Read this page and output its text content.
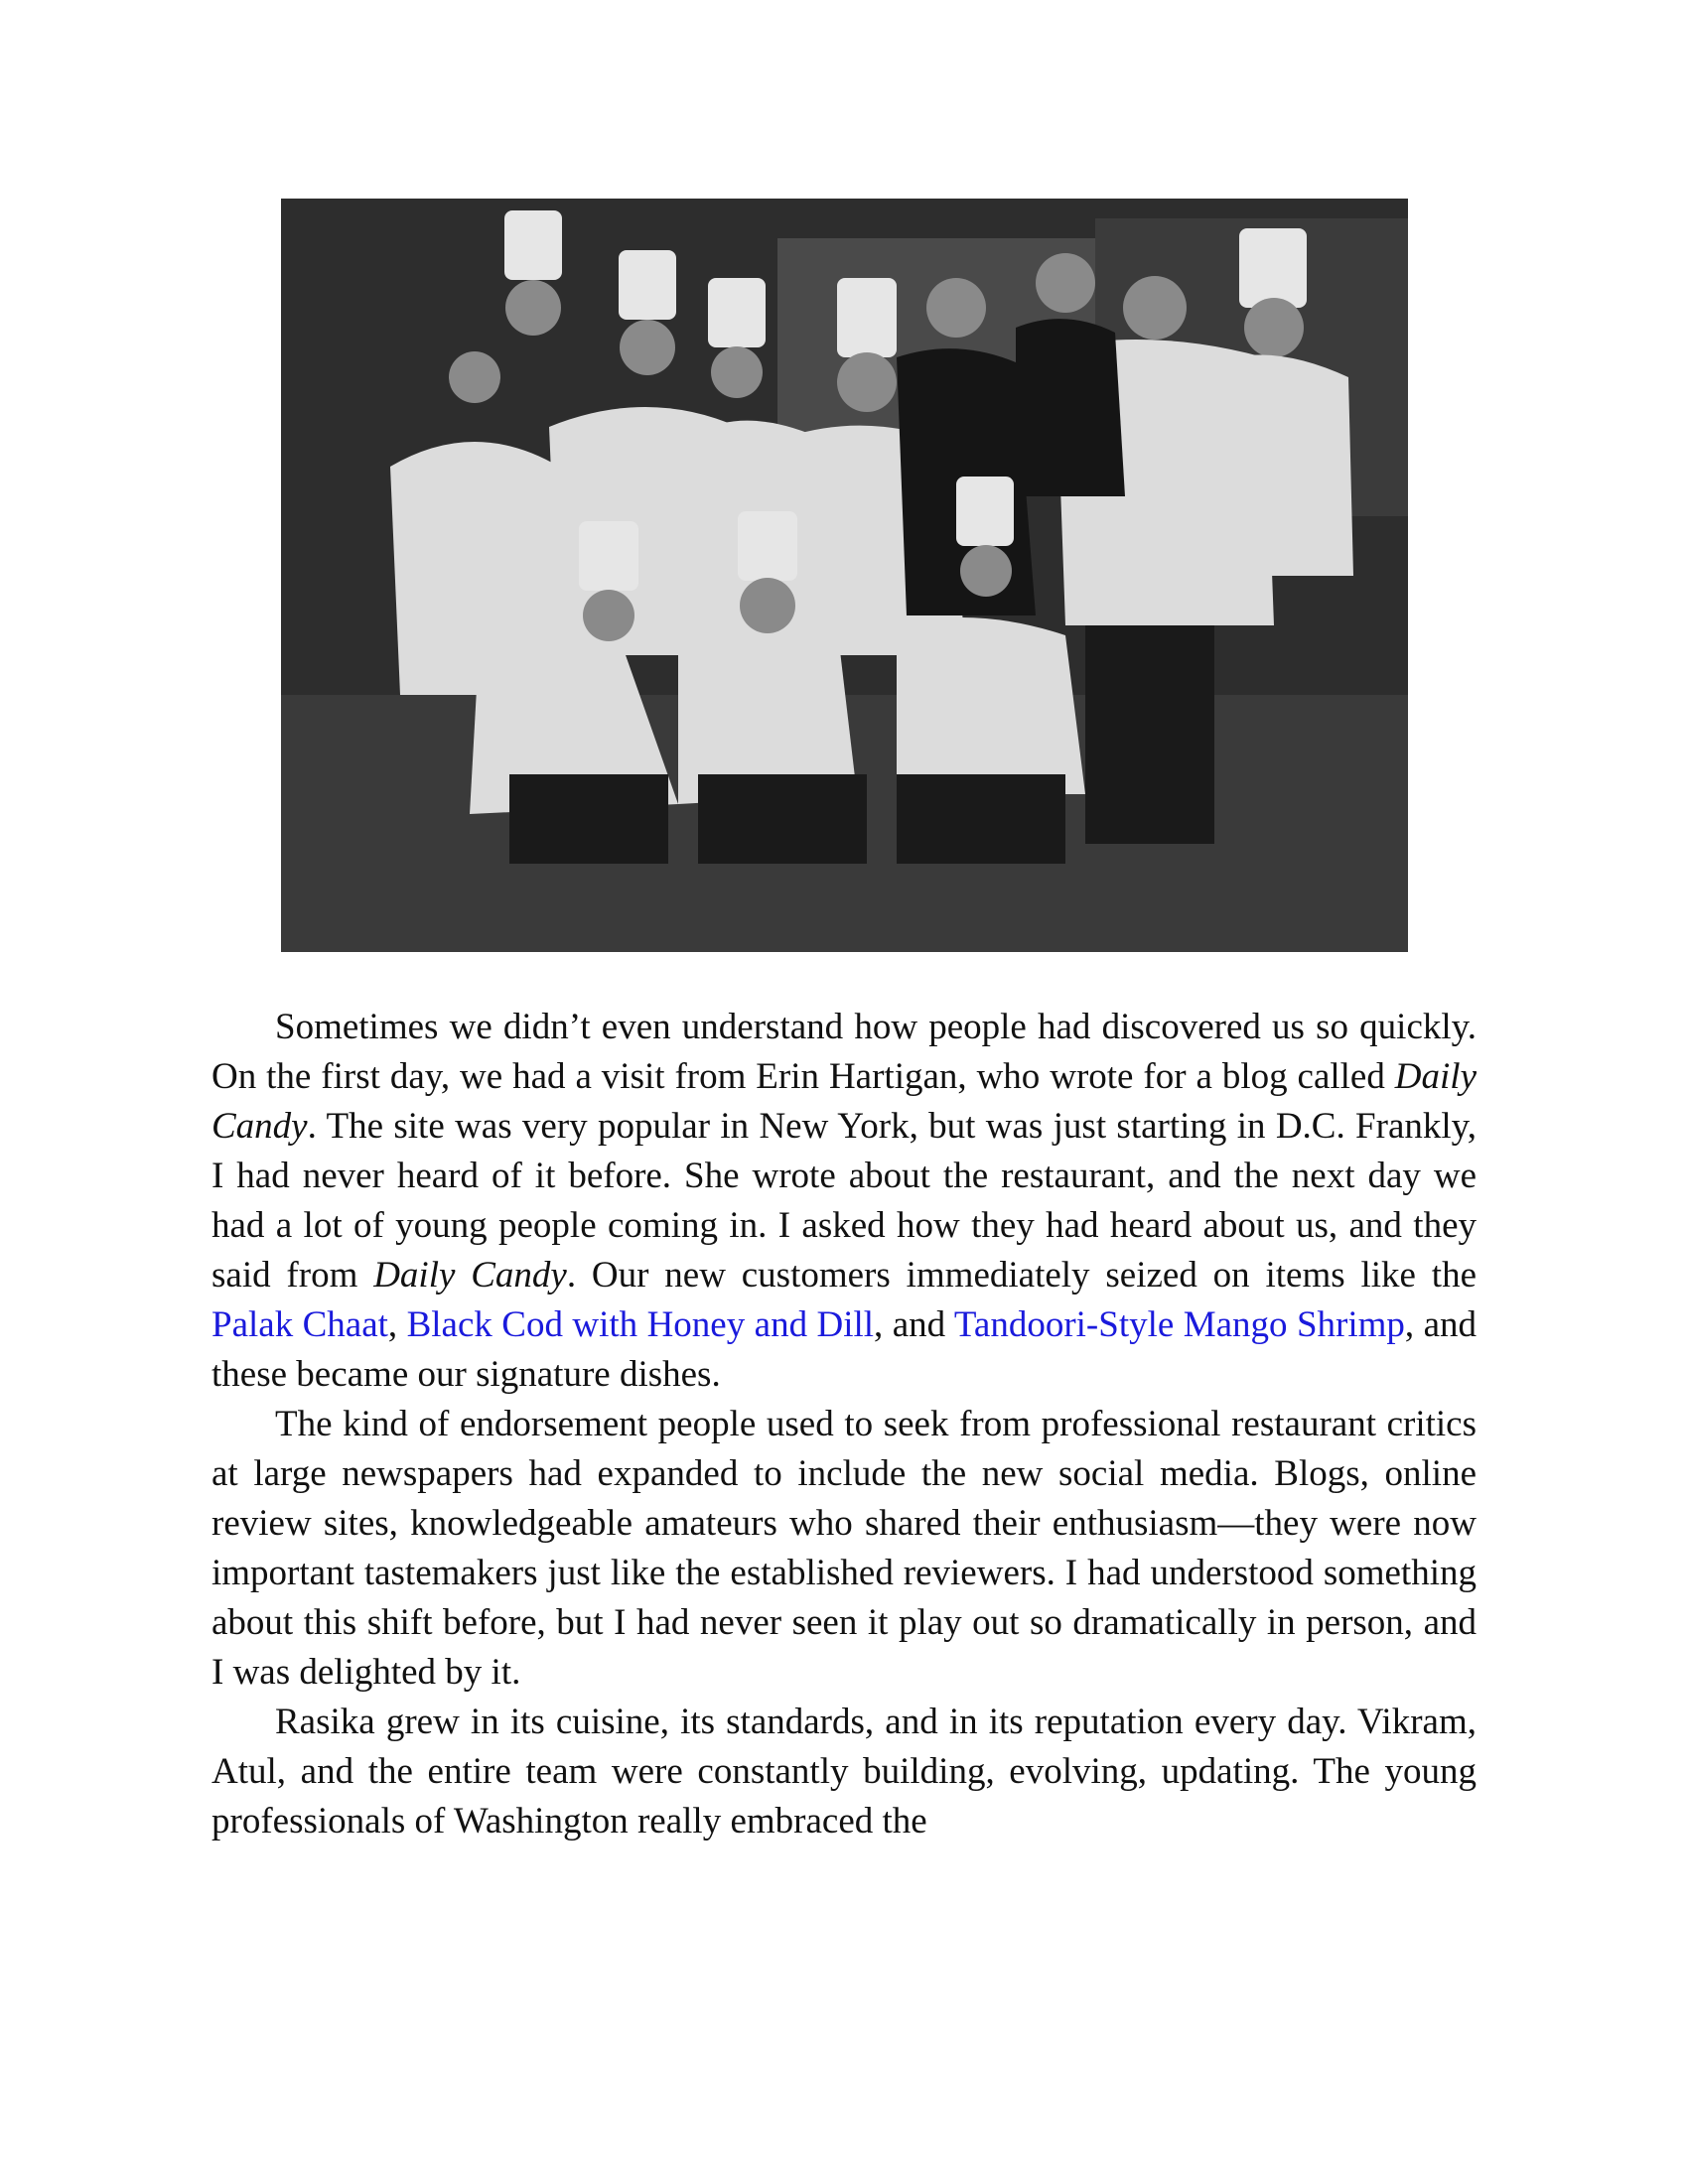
Sometimes we didn’t even understand how people had discovered us so quickly. On the first day, we had a visit from Erin Hartigan, who wrote for a blog called Daily Candy. The site was very popular in New York, but was just starting in D.C. Frankly, I had never heard of it before. She wrote about the restaurant, and the next day we had a lot of young people coming in. I asked how they had heard about us, and they said from Daily Candy. Our new customers immediately seized on items like the Palak Chaat, Black Cod with Honey and Dill, and Tandoori-Style Mango Shrimp, and these became our signature dishes.

The kind of endorsement people used to seek from professional restaurant critics at large newspapers had expanded to include the new social media. Blogs, online review sites, knowledgeable amateurs who shared their enthusiasm—they were now important tastemakers just like the established reviewers. I had understood something about this shift before, but I had never seen it play out so dramatically in person, and I was delighted by it.

Rasika grew in its cuisine, its standards, and in its reputation every day. Vikram, Atul, and the entire team were constantly building, evolving, updating. The young professionals of Washington really embraced the
